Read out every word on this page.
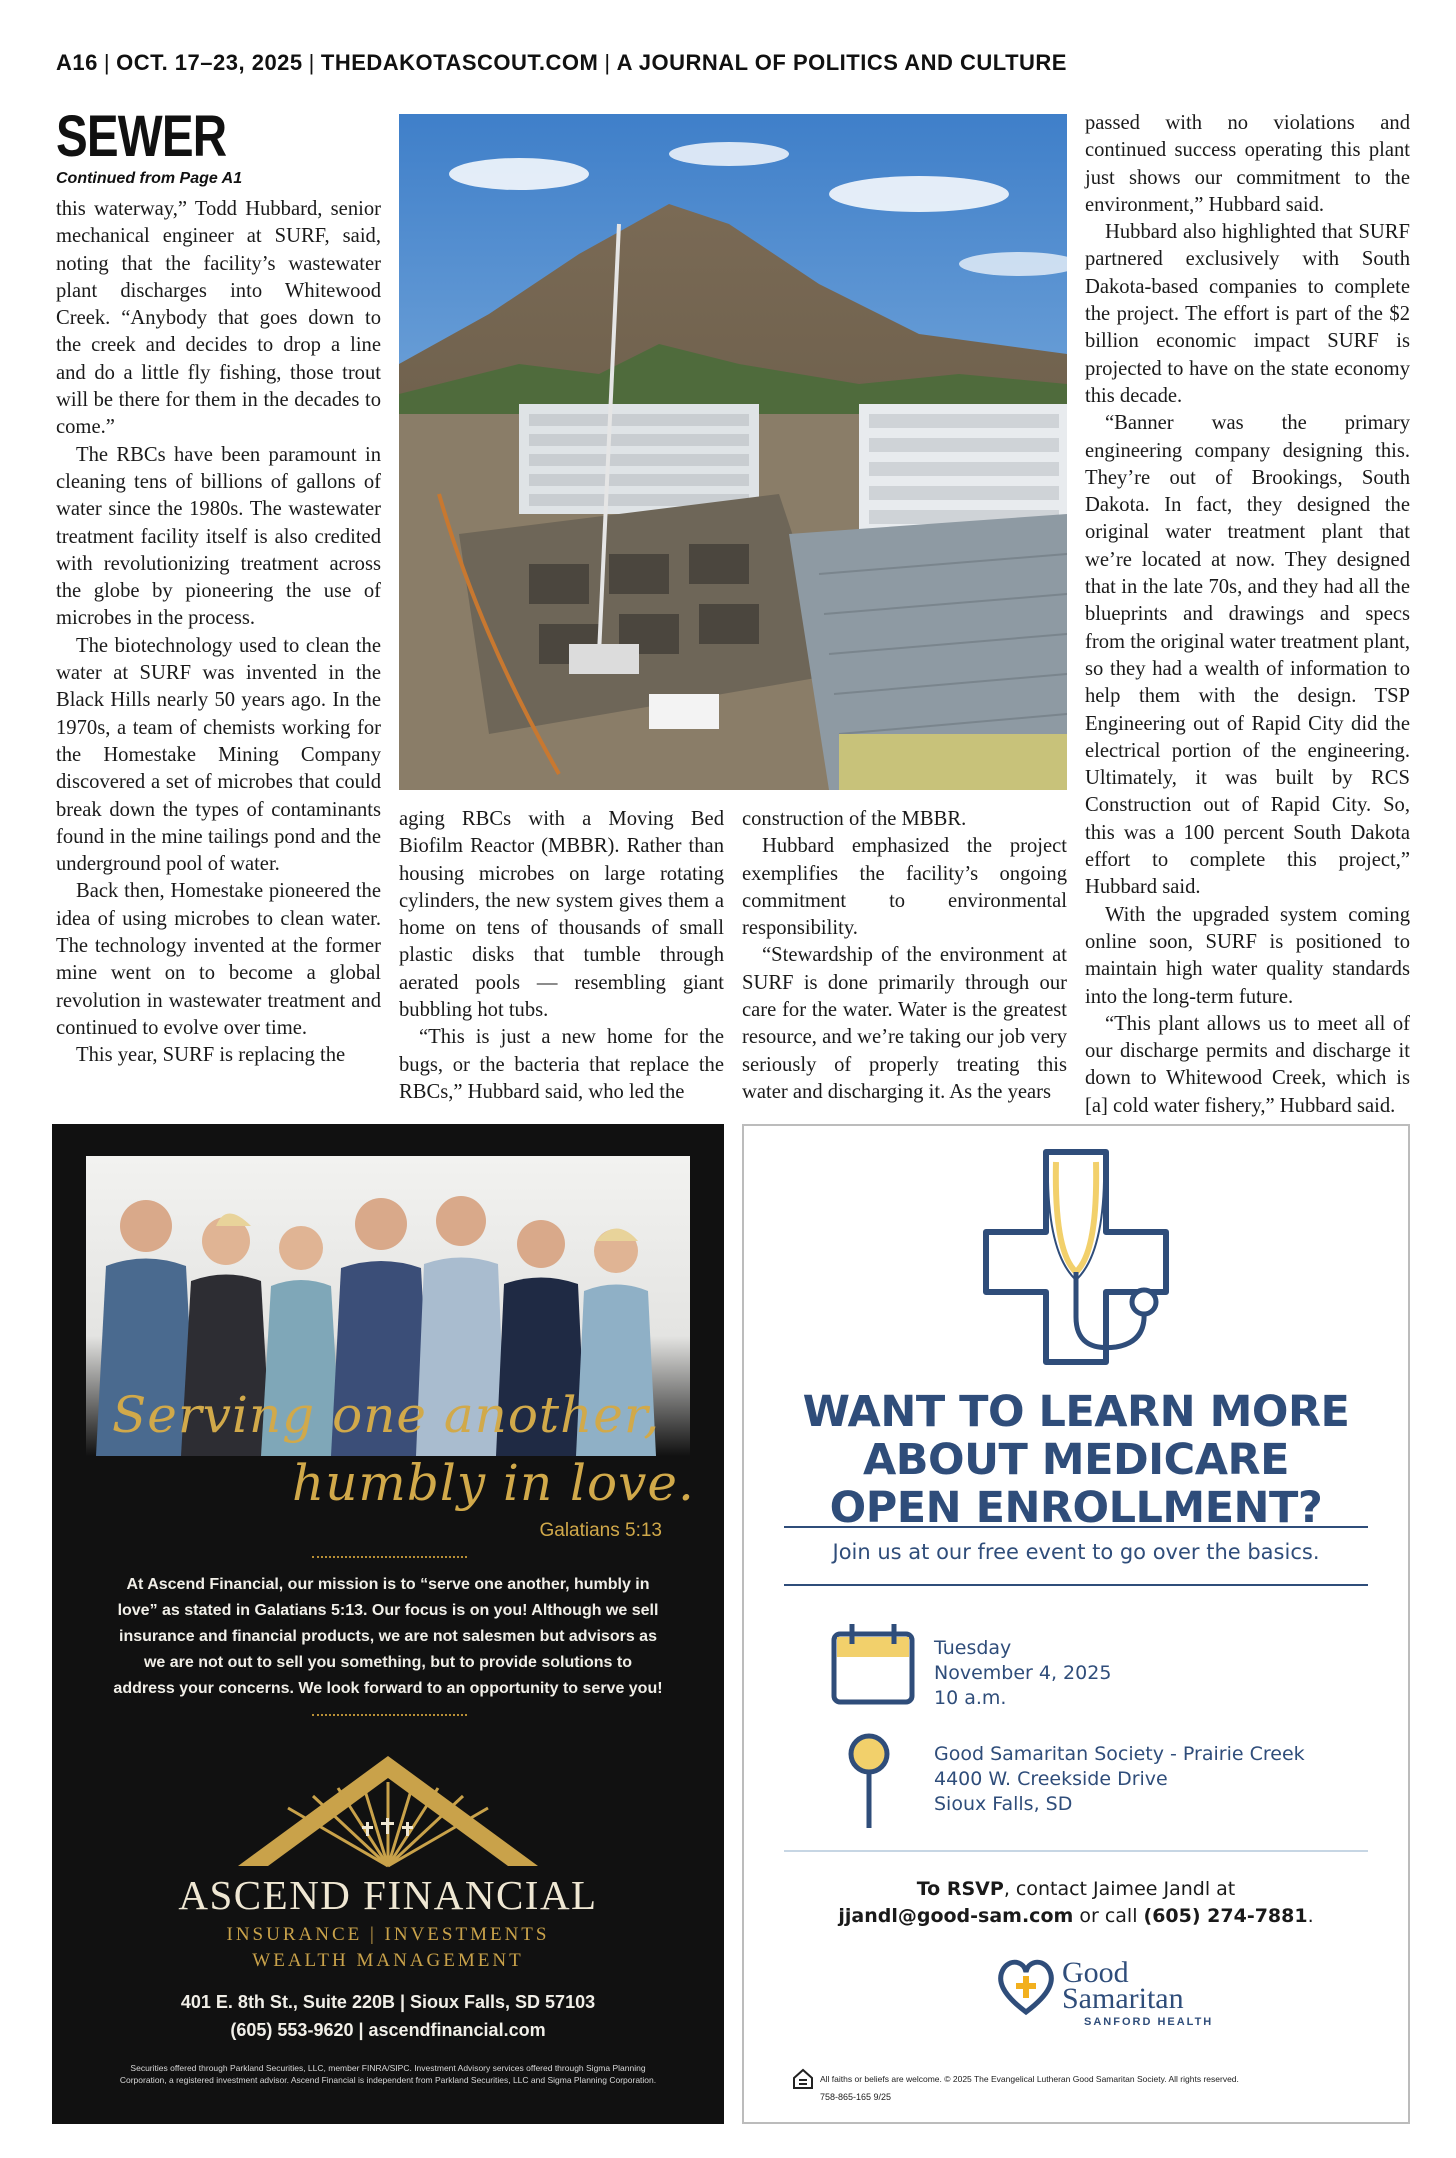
A16 | OCT. 17–23, 2025 | THEDAKOTASCOUT.COM | A JOURNAL OF POLITICS AND CULTURE
SEWER
Continued from Page A1

this waterway,” Todd Hubbard, senior mechanical engineer at SURF, said, noting that the facility’s wastewater plant discharges into Whitewood Creek. “Anybody that goes down to the creek and decides to drop a line and do a little fly fishing, those trout will be there for them in the decades to come.”

The RBCs have been paramount in cleaning tens of billions of gallons of water since the 1980s. The wastewater treatment facility itself is also credited with revolutionizing treatment across the globe by pioneering the use of microbes in the process.

The biotechnology used to clean the water at SURF was invented in the Black Hills nearly 50 years ago. In the 1970s, a team of chemists working for the Homestake Mining Company discovered a set of microbes that could break down the types of contaminants found in the mine tailings pond and the underground pool of water.

Back then, Homestake pioneered the idea of using microbes to clean water. The technology invented at the former mine went on to become a global revolution in wastewater treatment and continued to evolve over time.

This year, SURF is replacing the

aging RBCs with a Moving Bed Biofilm Reactor (MBBR). Rather than housing microbes on large rotating cylinders, the new system gives them a home on tens of thousands of small plastic disks that tumble through aerated pools — resembling giant bubbling hot tubs.

“This is just a new home for the bugs, or the bacteria that replace the RBCs,” Hubbard said, who led the

construction of the MBBR.

Hubbard emphasized the project exemplifies the facility’s ongoing commitment to environmental responsibility.

“Stewardship of the environment at SURF is done primarily through our care for the water. Water is the greatest resource, and we’re taking our job very seriously of properly treating this water and discharging it. As the years

passed with no violations and continued success operating this plant just shows our commitment to the environment,” Hubbard said.

Hubbard also highlighted that SURF partnered exclusively with South Dakota-based companies to complete the project. The effort is part of the $2 billion economic impact SURF is projected to have on the state economy this decade.

“Banner was the primary engineering company designing this. They’re out of Brookings, South Dakota. In fact, they designed the original water treatment plant that we’re located at now. They designed that in the late 70s, and they had all the blueprints and drawings and specs from the original water treatment plant, so they had a wealth of information to help them with the design. TSP Engineering out of Rapid City did the electrical portion of the engineering. Ultimately, it was built by RCS Construction out of Rapid City. So, this was a 100 percent South Dakota effort to complete this project,” Hubbard said.

With the upgraded system coming online soon, SURF is positioned to maintain high water quality standards into the long-term future.

“This plant allows us to meet all of our discharge permits and discharge it down to Whitewood Creek, which is [a] cold water fishery,” Hubbard said.

Serving one another,
humbly in love.
Galatians 5:13
At Ascend Financial, our mission is to “serve one another, humbly in love” as stated in Galatians 5:13. Our focus is on you! Although we sell insurance and financial products, we are not salesmen but advisors as we are not out to sell you something, but to provide solutions to address your concerns. We look forward to an opportunity to serve you!
ASCEND FINANCIAL
INSURANCE | INVESTMENTS
WEALTH MANAGEMENT
401 E. 8th St., Suite 220B | Sioux Falls, SD 57103
(605) 553-9620 | ascendfinancial.com
Securities offered through Parkland Securities, LLC, member FINRA/SIPC. Investment Advisory services offered through Sigma Planning Corporation, a registered investment advisor. Ascend Financial is independent from Parkland Securities, LLC and Sigma Planning Corporation.
WANT TO LEARN MORE
ABOUT MEDICARE
OPEN ENROLLMENT?
Join us at our free event to go over the basics.
Tuesday
November 4, 2025
10 a.m.
Good Samaritan Society - Prairie Creek
4400 W. Creekside Drive
Sioux Falls, SD
To RSVP, contact Jaimee Jandl at
jjandl@good-sam.com or call (605) 274-7881.
Good
Samaritan
SANFORD HEALTH
All faiths or beliefs are welcome. © 2025 The Evangelical Lutheran Good Samaritan Society. All rights reserved.
758-865-165 9/25
